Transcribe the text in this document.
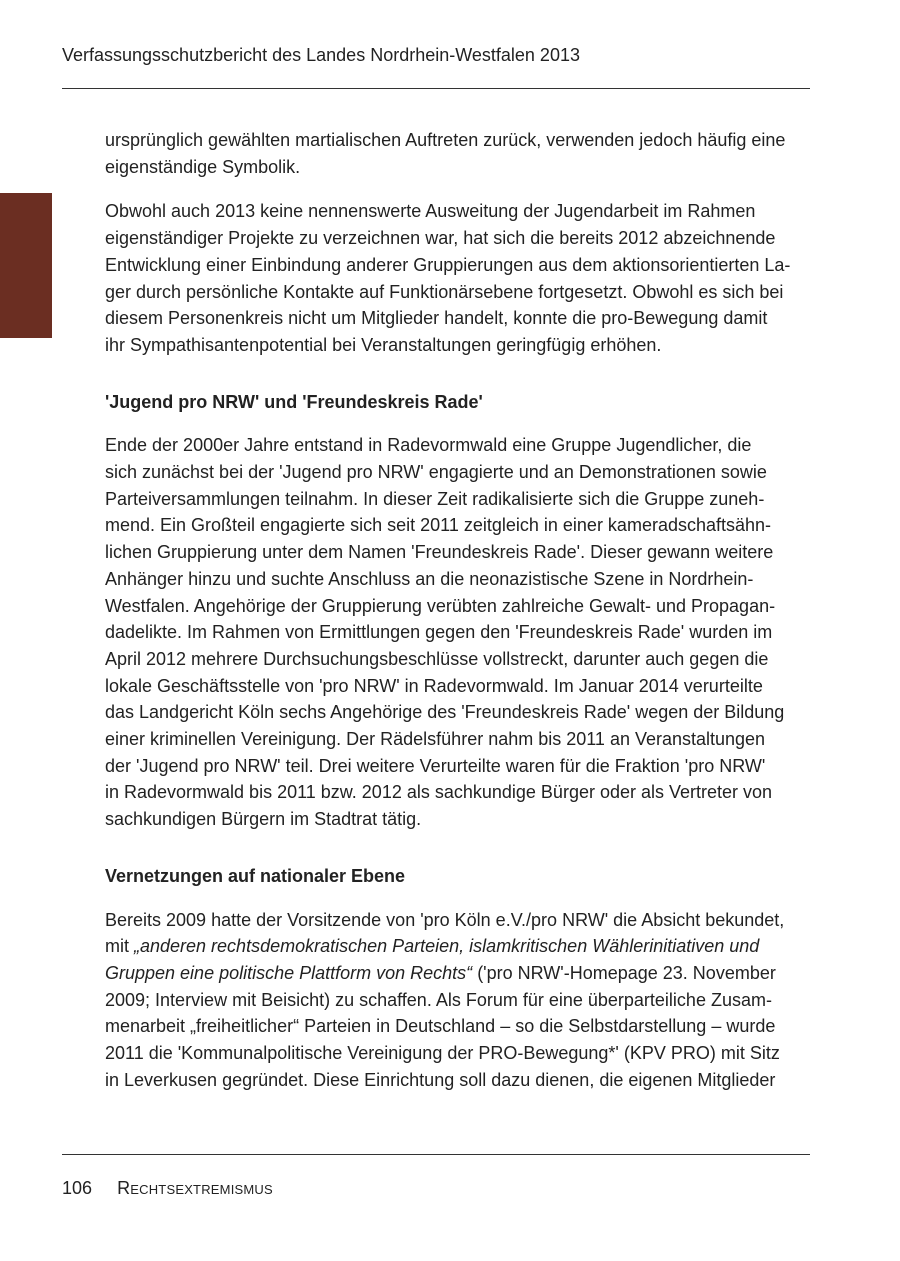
Verfassungsschutzbericht des Landes Nordrhein-Westfalen 2013
ursprünglich gewählten martialischen Auftreten zurück, verwenden jedoch häufig eine
eigenständige Symbolik.
Obwohl auch 2013 keine nennenswerte Ausweitung der Jugendarbeit im Rahmen
eigenständiger Projekte zu verzeichnen war, hat sich die bereits 2012 abzeichnende
Entwicklung einer Einbindung anderer Gruppierungen aus dem aktionsorientierten La-
ger durch persönliche Kontakte auf Funktionärsebene fortgesetzt. Obwohl es sich bei
diesem Personenkreis nicht um Mitglieder handelt, konnte die pro-Bewegung damit
ihr Sympathisantenpotential bei Veranstaltungen geringfügig erhöhen.
'Jugend pro NRW' und 'Freundeskreis Rade'
Ende der 2000er Jahre entstand in Radevormwald eine Gruppe Jugendlicher, die
sich zunächst bei der 'Jugend pro NRW' engagierte und an Demonstrationen sowie
Parteiversammlungen teilnahm. In dieser Zeit radikalisierte sich die Gruppe zuneh-
mend. Ein Großteil engagierte sich seit 2011 zeitgleich in einer kameradschaftsähn-
lichen Gruppierung unter dem Namen 'Freundeskreis Rade'. Dieser gewann weitere
Anhänger hinzu und suchte Anschluss an die neonazistische Szene in Nordrhein-
Westfalen. Angehörige der Gruppierung verübten zahlreiche Gewalt- und Propagan-
dadelikte. Im Rahmen von Ermittlungen gegen den 'Freundeskreis Rade' wurden im
April 2012 mehrere Durchsuchungsbeschlüsse vollstreckt, darunter auch gegen die
lokale Geschäftsstelle von 'pro NRW' in Radevormwald. Im Januar 2014 verurteilte
das Landgericht Köln sechs Angehörige des 'Freundeskreis Rade' wegen der Bildung
einer kriminellen Vereinigung. Der Rädelsführer nahm bis 2011 an Veranstaltungen
der 'Jugend pro NRW' teil. Drei weitere Verurteilte waren für die Fraktion 'pro NRW'
in Radevormwald bis 2011 bzw. 2012 als sachkundige Bürger oder als Vertreter von
sachkundigen Bürgern im Stadtrat tätig.
Vernetzungen auf nationaler Ebene
Bereits 2009 hatte der Vorsitzende von 'pro Köln e.V./pro NRW' die Absicht bekundet,
mit „anderen rechtsdemokratischen Parteien, islamkritischen Wählerinitiativen und
Gruppen eine politische Plattform von Rechts“ ('pro NRW'-Homepage 23. November
2009; Interview mit Beisicht) zu schaffen. Als Forum für eine überparteiliche Zusam-
menarbeit „freiheitlicher“ Parteien in Deutschland – so die Selbstdarstellung – wurde
2011 die 'Kommunalpolitische Vereinigung der PRO-Bewegung*' (KPV PRO) mit Sitz
in Leverkusen gegründet. Diese Einrichtung soll dazu dienen, die eigenen Mitglieder
106 Rechtsextremismus
